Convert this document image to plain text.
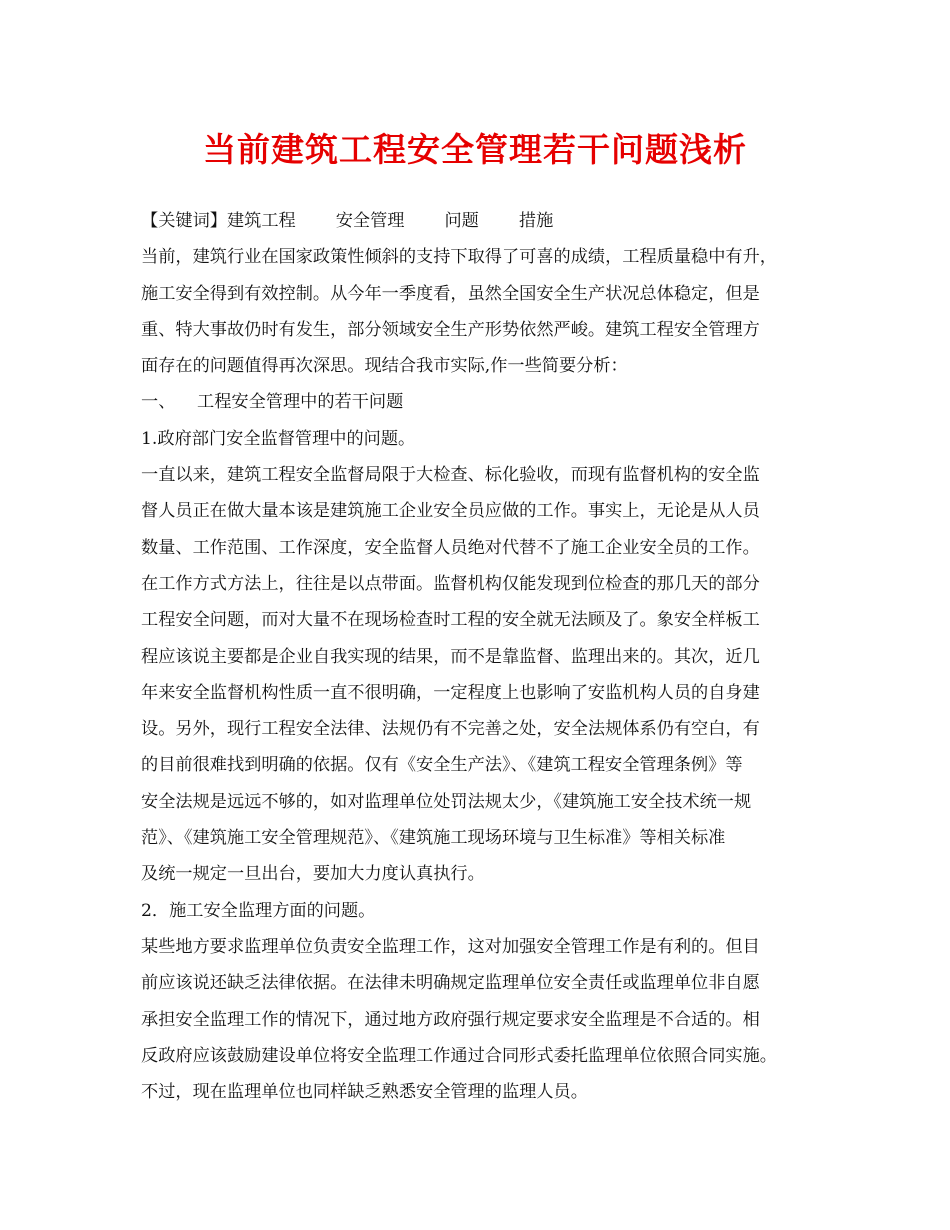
当前建筑工程安全管理若干问题浅析
【关键词】建筑工程 安全管理 问题 措施
当前，建筑行业在国家政策性倾斜的支持下取得了可喜的成绩，工程质量稳中有升，
施工安全得到有效控制。从今年一季度看，虽然全国安全生产状况总体稳定，但是
重、特大事故仍时有发生，部分领域安全生产形势依然严峻。建筑工程安全管理方
面存在的问题值得再次深思。现结合我市实际,作一些简要分析：
一、 工程安全管理中的若干问题
1.政府部门安全监督管理中的问题。
一直以来，建筑工程安全监督局限于大检查、标化验收，而现有监督机构的安全监
督人员正在做大量本该是建筑施工企业安全员应做的工作。事实上，无论是从人员
数量、工作范围、工作深度，安全监督人员绝对代替不了施工企业安全员的工作。
在工作方式方法上，往往是以点带面。监督机构仅能发现到位检查的那几天的部分
工程安全问题，而对大量不在现场检查时工程的安全就无法顾及了。象安全样板工
程应该说主要都是企业自我实现的结果，而不是靠监督、监理出来的。其次，近几
年来安全监督机构性质一直不很明确，一定程度上也影响了安监机构人员的自身建
设。另外，现行工程安全法律、法规仍有不完善之处，安全法规体系仍有空白，有
的目前很难找到明确的依据。仅有《安全生产法》、《建筑工程安全管理条例》等
安全法规是远远不够的，如对监理单位处罚法规太少，《建筑施工安全技术统一规
范》、《建筑施工安全管理规范》、《建筑施工现场环境与卫生标准》等相关标准
及统一规定一旦出台，要加大力度认真执行。
2．施工安全监理方面的问题。
某些地方要求监理单位负责安全监理工作，这对加强安全管理工作是有利的。但目
前应该说还缺乏法律依据。在法律未明确规定监理单位安全责任或监理单位非自愿
承担安全监理工作的情况下，通过地方政府强行规定要求安全监理是不合适的。相
反政府应该鼓励建设单位将安全监理工作通过合同形式委托监理单位依照合同实施。
不过，现在监理单位也同样缺乏熟悉安全管理的监理人员。
